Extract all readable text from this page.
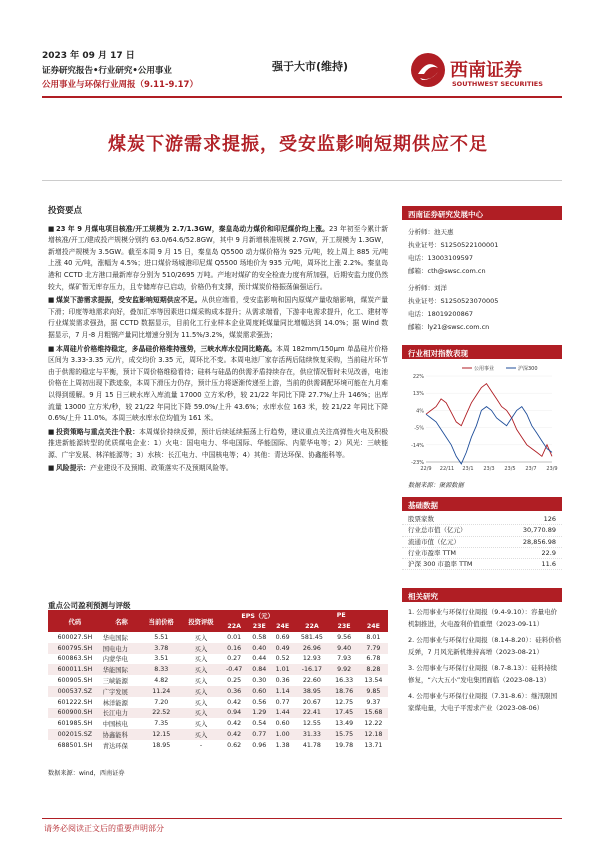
2023 年 09 月 17 日
证券研究报告•行业研究•公用事业
公用事业与环保行业周报（9.11-9.17）
强于大市(维持)	西南证券
SOUTHWEST SECURITIES
煤炭下游需求提振，受安监影响短期供应不足
投资要点
■ 23 年 9 月煤电项目核准/开工规模为 2.7/1.3GW，秦皇岛动力煤价和印尼煤价均上涨。23 年初至今累计新增核准/开工/建成投产规模分别约 63.0/64.6/52.8GW，其中 9 月新增核准规模 2.7GW，开工规模为 1.3GW，新增投产规模为 3.5GW。截至本周 9 月 15 日，秦皇岛 Q5500 动力煤价格为 925 元/吨，较上周上 885 元/吨上涨 40 元/吨，涨幅为 4.5%；进口煤价场城港印尼煤 Q5500 场地价为 935 元/吨，周环比上涨 2.2%。秦皇岛港和 CCTD 北方港口最新库存分别为 510/2695 万吨。产地对煤矿的安全检查力度有所加强，后期安监力度仍然较大，煤矿暂无库存压力，且专储库存已启动，价格仍有支撑，预计煤炭价格振荡偏强运行。
■ 煤炭下游需求提振，受安监影响短期供应不足。从供应端看，受安监影响和国内原煤产量收缩影响，煤炭产量下滑；印度等地需求向好，叠加汇率等因素进口煤采购成本提升；从需求端看，下游非电需求提升，化工、建材等行业煤炭需求强劲，据 CCTD 数据显示，目前化工行业样本企业周度耗煤量同比增幅达到 14.0%；据 Wind 数据显示，7 月-8 月粗钢产量同比增速分别为 11.5%/3.2%，煤炭需求强劲；
■ 本周硅片价格维持稳定，多晶硅价格维持涨势，三峡水库水位同比略高。本周 182mm/150μm 单晶硅片价格区间为 3.33-3.35 元/片，成交均价 3.35 元，周环比不变。本周电池厂家存活两后陆续恢复采购，当前硅片环节由于供需的稳定与平衡，预计下周价格维稳看待；硅料与硅晶的供需矛盾持续存在，供应情况暂时未见改善，电池价格在上周初出现下跌迹象，本周下滑压力仍存，预计压力将逐渐传递至上游，当前的供需调配环境可能在九月难以得到缓解。9 月 15 日三峡水库入库流量 17000 立方米/秒，较 21/22 年同比下降 27.7%/上升 146%；出库流量 13000 立方米/秒，较 21/22 年同比下降 59.0%/上升 43.6%；水库水位 163 米，较 21/22 年同比下降 0.6%/上升 11.0%。本周三峡水库水位均值为 161 米。
■ 投资策略与重点关注个股：本周煤价持续反弹，预计后续延续振荡上行趋势，建议重点关注高弹性火电及积极推进新能源转型的优质煤电企业：1）火电：国电电力、华电国际、华能国际、内蒙华电等；2）风光：三峡能源、广宇发展、林洋能源等；3）水核：长江电力、中国核电等；4）其他：青达环保、协鑫能科等。
■ 风险提示：产业建设不及预期、政策落实不及预期风险等。
西南证券研究发展中心
分析师：池天惠
执业证号：S1250522100001
电话：13003109597
邮箱：cth@swsc.com.cn
分析师：刘洋
执业证号：S1250523070005
电话：18019200867
邮箱：ly21@swsc.com.cn
行业相对指数表现
22%
13%
4%
-5%
-14%
-23%
22/9 22/11 23/1 23/3 23/5 23/7 23/9
公用事业	沪深300
数据来源：聚源数据
基础数据
股票家数	126
行业总市值（亿元）	30,770.89
流通市值（亿元）	28,856.98
行业市盈率 TTM	22.9
沪深 300 市盈率 TTM	11.6
相关研究
1. 公用事业与环保行业周报（9.4-9.10）：容量电价机制推进，火电盈利价值重塑（2023-09-11）
2. 公用事业与环保行业周报（8.14-8.20）：硅料价格反弹，7 月风光新机维持高增（2023-08-21）
3. 公用事业与环保行业周报（8.7-8.13）：硅料持续修复，“六大五小”发电集团面临（2023-08-13）
4. 公用事业与环保行业周报（7.31-8.6）：继汛限国家煤电量，大电子平需求产业（2023-08-06）
重点公司盈利预测与评级
代码	名称	当前价格	投资评级	EPS（元）			PE		
				22A	23E	24E	22A	23E	24E
600027.SH	华电国际	5.51	买入	0.01	0.58	0.69	581.45	9.56	8.01
600795.SH	国电电力	3.78	买入	0.16	0.40	0.49	26.96	9.40	7.79
600863.SH	内蒙华电	3.51	买入	0.27	0.44	0.52	12.93	7.93	6.78
600011.SH	华能国际	8.33	买入	-0.47	0.84	1.01	-16.17	9.92	8.28
600905.SH	三峡能源	4.82	买入	0.25	0.30	0.36	22.60	16.33	13.54
000537.SZ	广宇发展	11.24	买入	0.36	0.60	1.14	38.95	18.76	9.85
601222.SH	林洋能源	7.20	买入	0.42	0.56	0.77	20.67	12.75	9.37
600900.SH	长江电力	22.52	买入	0.94	1.29	1.44	22.41	17.45	15.68
601985.SH	中国核电	7.35	买入	0.42	0.54	0.60	12.55	13.49	12.22
002015.SZ	协鑫能科	12.15	买入	0.42	0.77	1.00	31.33	15.75	12.18
688501.SH	青达环保	18.95	-	0.62	0.96	1.38	41.78	19.78	13.71
数据来源：wind，西南证券
请务必阅读正文后的重要声明部分
